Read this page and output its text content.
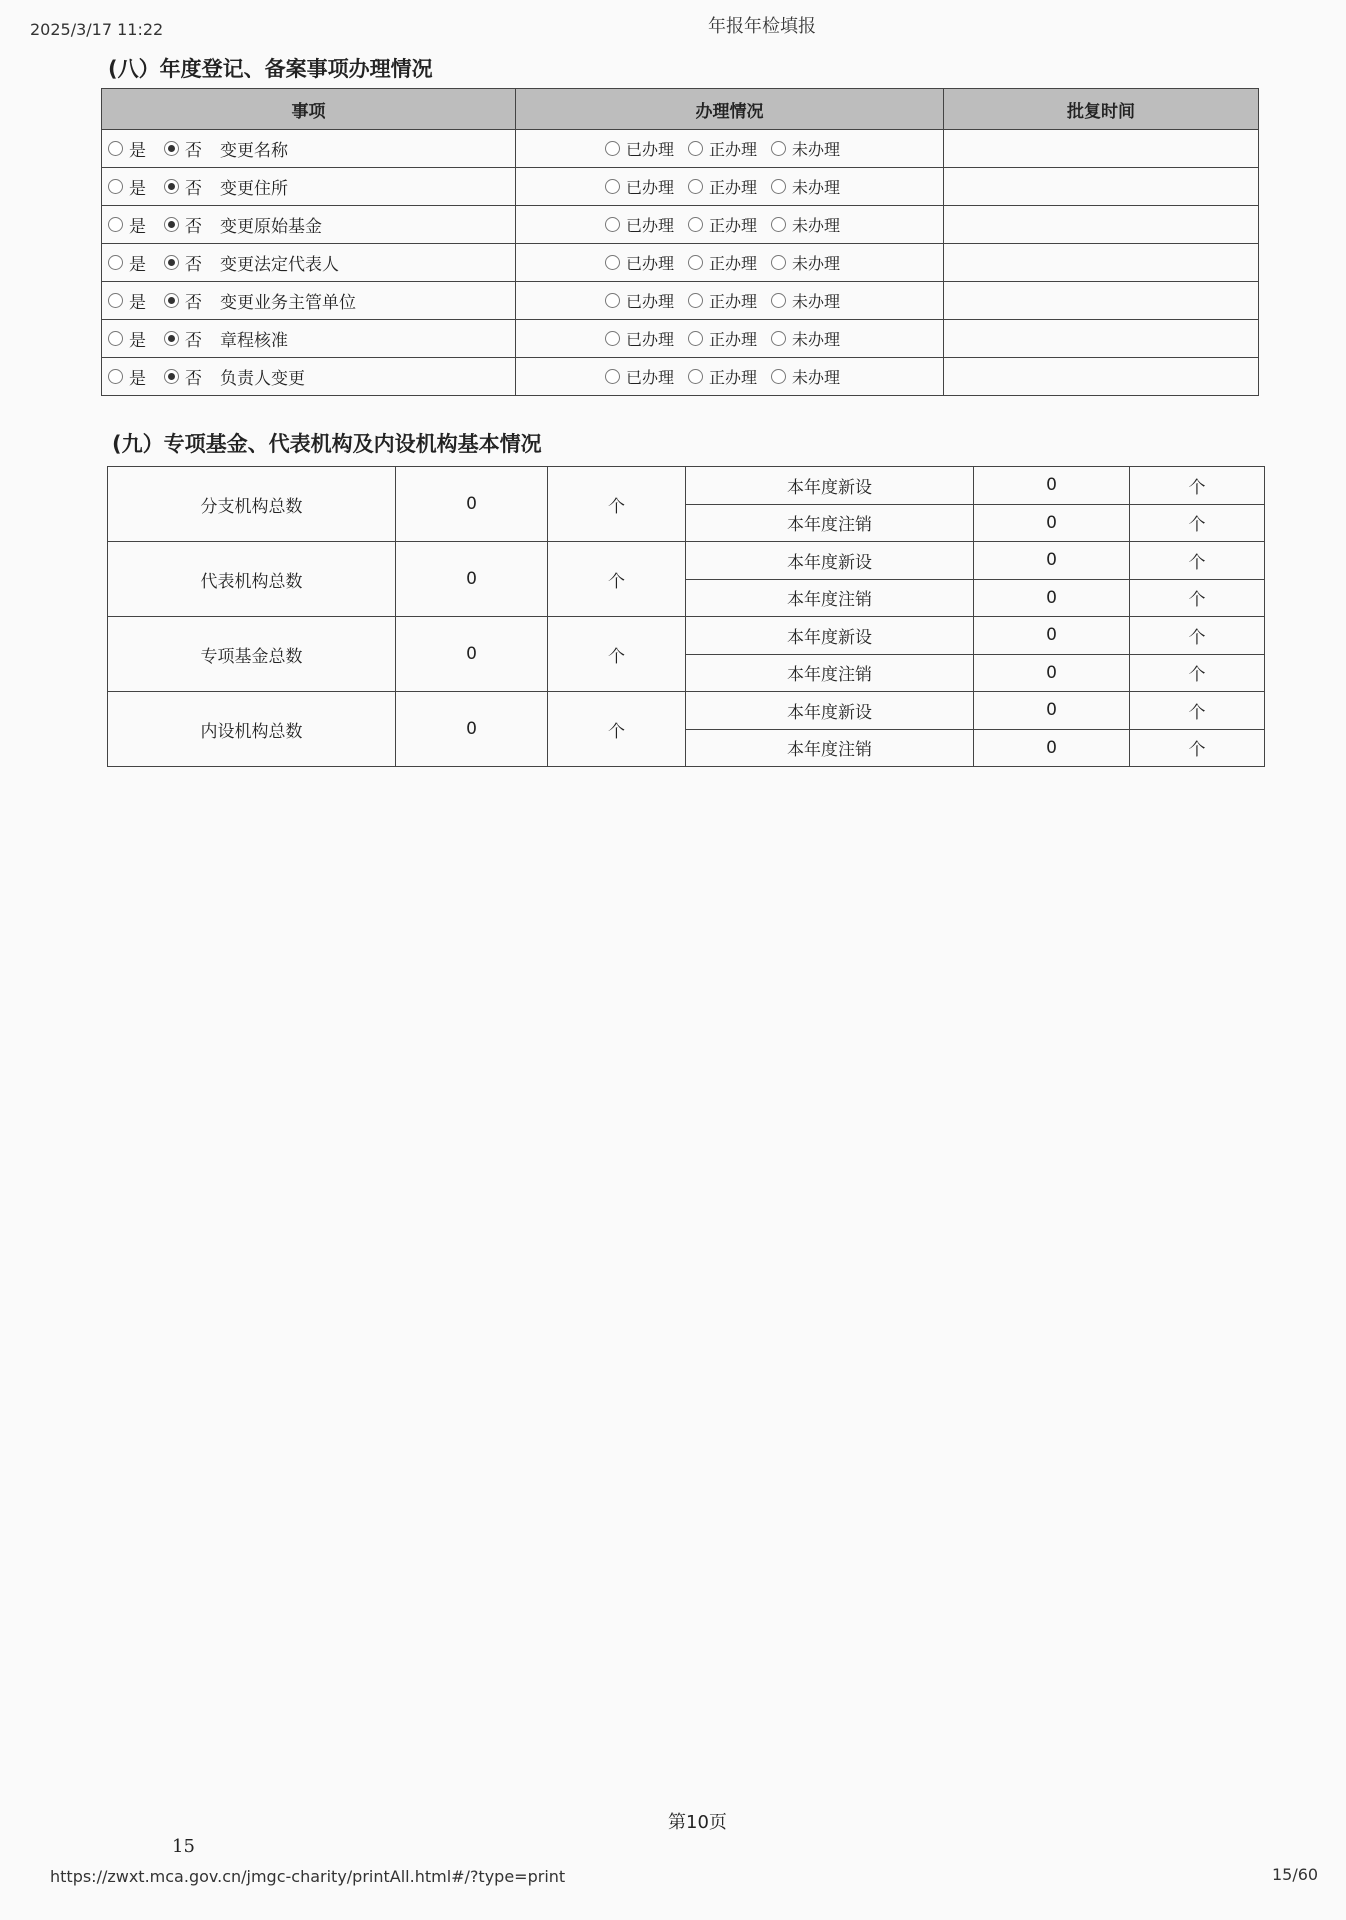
2025/3/17 11:22	年报年检填报
(八）年度登记、备案事项办理情况
事项	办理情况	批复时间
是 否 变更名称	已办理 正办理 未办理	
是 否 变更住所	已办理 正办理 未办理	
是 否 变更原始基金	已办理 正办理 未办理	
是 否 变更法定代表人	已办理 正办理 未办理	
是 否 变更业务主管单位	已办理 正办理 未办理	
是 否 章程核准	已办理 正办理 未办理	
是 否 负责人变更	已办理 正办理 未办理	
(九）专项基金、代表机构及内设机构基本情况
分支机构总数	0	个	本年度新设	0	个
			本年度注销	0	个
代表机构总数	0	个	本年度新设	0	个
			本年度注销	0	个
专项基金总数	0	个	本年度新设	0	个
			本年度注销	0	个
内设机构总数	0	个	本年度新设	0	个
			本年度注销	0	个
第10页
15
https://zwxt.mca.gov.cn/jmgc-charity/printAll.html#/?type=print	15/60
